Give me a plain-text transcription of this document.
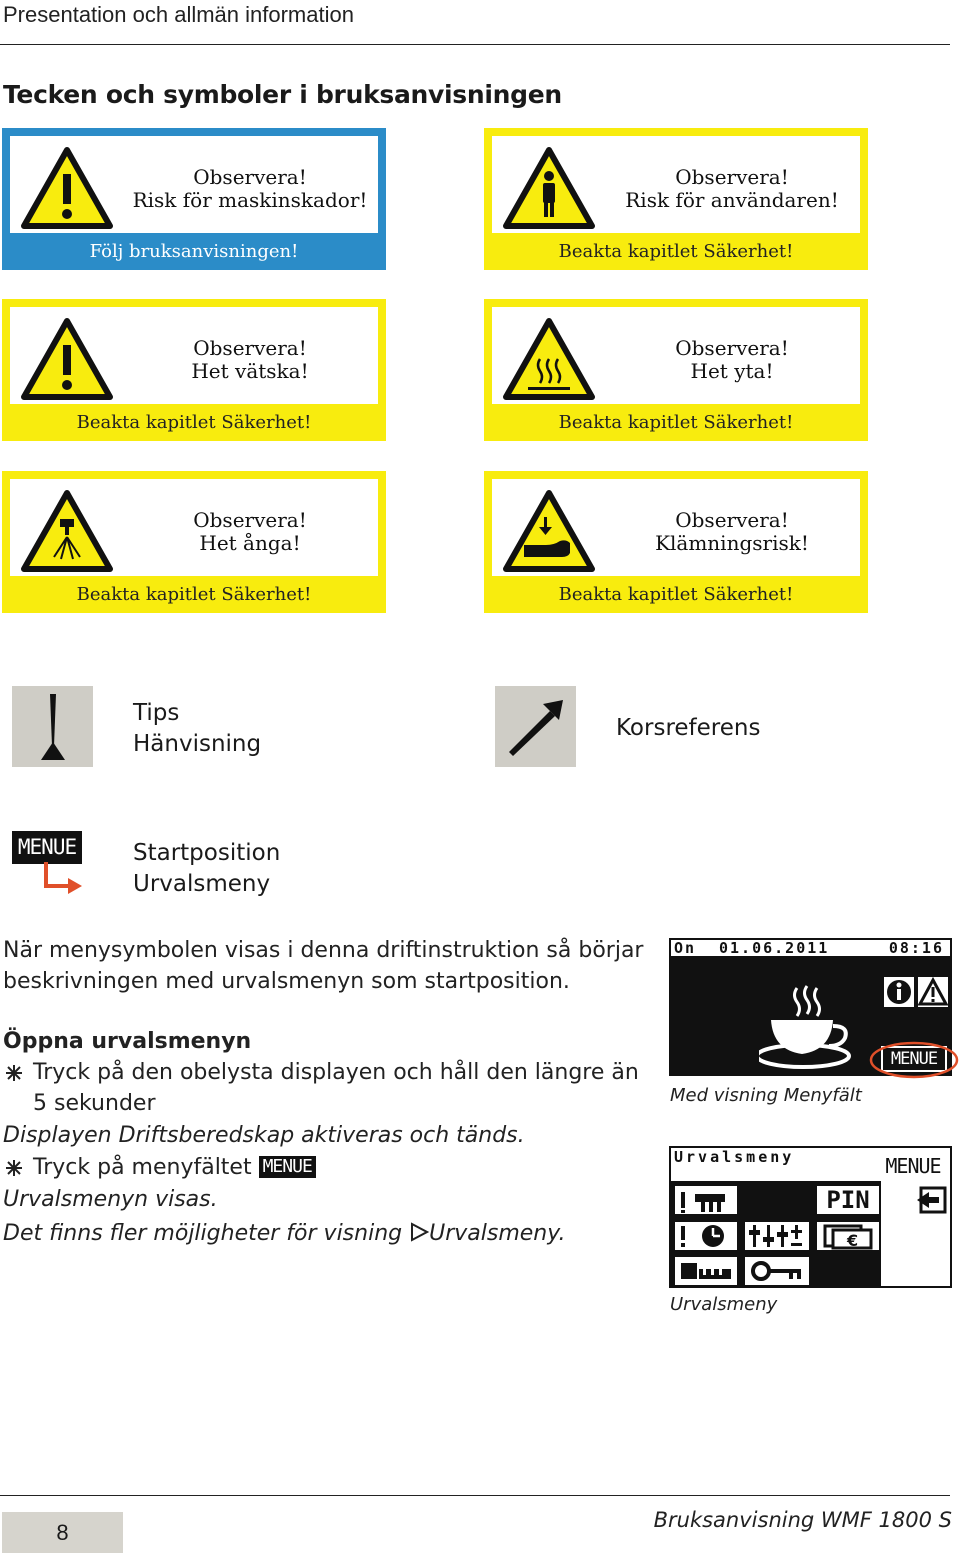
Presentation och allmän information
Tecken och symboler i bruksanvisningen
Observera!
Risk för maskinskador!
Följ bruksanvisningen!
Observera!
Risk för användaren!
Beakta kapitlet Säkerhet!
Observera!
Het vätska!
Beakta kapitlet Säkerhet!
Observera!
Het yta!
Beakta kapitlet Säkerhet!
Observera!
Het ånga!
Beakta kapitlet Säkerhet!
Observera!
Klämningsrisk!
Beakta kapitlet Säkerhet!
Tips
Hänvisning
Korsreferens
MENUE Startposition
Urvalsmeny
När menysymbolen visas i denna driftinstruktion så börjar
beskrivningen med urvalsmenyn som startposition.
Öppna urvalsmenyn
Tryck på den obelysta displayen och håll den längre än
5 sekunder
Displayen Driftsberedskap aktiveras och tänds.
Tryck på menyfältet MENUE
Urvalsmenyn visas.
Det finns fler möjligheter för visning Urvalsmeny.
On 01.06.2011	08:16
MENUE
Med visning Menyfält
Urvalsmeny	MENUE
PIN
€
Urvalsmeny
8	Bruksanvisning WMF 1800 S
